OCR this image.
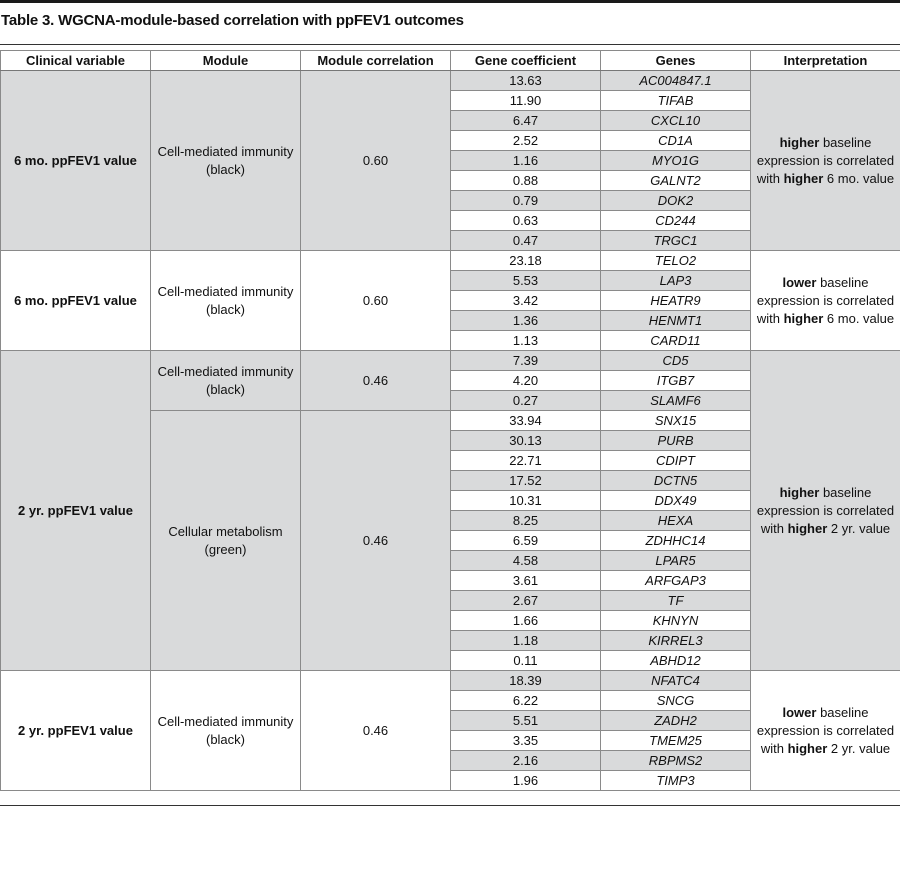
Table 3. WGCNA-module-based correlation with ppFEV1 outcomes
Clinical variable	Module	Module correlation	Gene coefficient	Genes	Interpretation
6 mo. ppFEV1 value	Cell-mediated immunity (black)	0.60	13.63	AC004847.1	higher baseline expression is correlated with higher 6 mo. value
			11.90	TIFAB	
			6.47	CXCL10	
			2.52	CD1A	
			1.16	MYO1G	
			0.88	GALNT2	
			0.79	DOK2	
			0.63	CD244	
			0.47	TRGC1	
6 mo. ppFEV1 value	Cell-mediated immunity (black)	0.60	23.18	TELO2	lower baseline expression is correlated with higher 6 mo. value
			5.53	LAP3	
			3.42	HEATR9	
			1.36	HENMT1	
			1.13	CARD11	
2 yr. ppFEV1 value	Cell-mediated immunity (black)	0.46	7.39	CD5	higher baseline expression is correlated with higher 2 yr. value
			4.20	ITGB7	
			0.27	SLAMF6	
	Cellular metabolism (green)	0.46	33.94	SNX15	
			30.13	PURB	
			22.71	CDIPT	
			17.52	DCTN5	
			10.31	DDX49	
			8.25	HEXA	
			6.59	ZDHHC14	
			4.58	LPAR5	
			3.61	ARFGAP3	
			2.67	TF	
			1.66	KHNYN	
			1.18	KIRREL3	
			0.11	ABHD12	
2 yr. ppFEV1 value	Cell-mediated immunity (black)	0.46	18.39	NFATC4	lower baseline expression is correlated with higher 2 yr. value
			6.22	SNCG	
			5.51	ZADH2	
			3.35	TMEM25	
			2.16	RBPMS2	
			1.96	TIMP3	
